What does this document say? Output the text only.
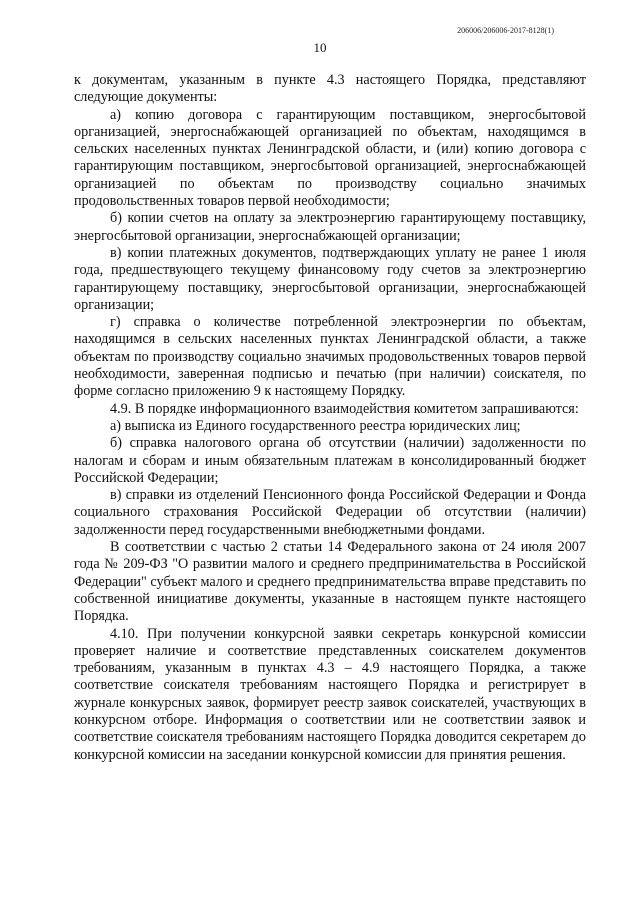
206006/206006-2017-8128(1)
10

к документам, указанным в пункте 4.3 настоящего Порядка, представляют следующие документы:

а) копию договора с гарантирующим поставщиком, энергосбытовой организацией, энергоснабжающей организацией по объектам, находящимся в сельских населенных пунктах Ленинградской области, и (или) копию договора с гарантирующим поставщиком, энергосбытовой организацией, энергоснабжающей организацией по объектам по производству социально значимых продовольственных товаров первой необходимости;

б) копии счетов на оплату за электроэнергию гарантирующему поставщику, энергосбытовой организации, энергоснабжающей организации;

в) копии платежных документов, подтверждающих уплату не ранее 1 июля года, предшествующего текущему финансовому году счетов за электроэнергию гарантирующему поставщику, энергосбытовой организации, энергоснабжающей организации;

г) справка о количестве потребленной электроэнергии по объектам, находящимся в сельских населенных пунктах Ленинградской области, а также объектам по производству социально значимых продовольственных товаров первой необходимости, заверенная подписью и печатью (при наличии) соискателя, по форме согласно приложению 9 к настоящему Порядку.

4.9. В порядке информационного взаимодействия комитетом запрашиваются:

а) выписка из Единого государственного реестра юридических лиц;

б) справка налогового органа об отсутствии (наличии) задолженности по налогам и сборам и иным обязательным платежам в консолидированный бюджет Российской Федерации;

в) справки из отделений Пенсионного фонда Российской Федерации и Фонда социального страхования Российской Федерации об отсутствии (наличии) задолженности перед государственными внебюджетными фондами.

В соответствии с частью 2 статьи 14 Федерального закона от 24 июля 2007 года № 209-ФЗ "О развитии малого и среднего предпринимательства в Российской Федерации" субъект малого и среднего предпринимательства вправе представить по собственной инициативе документы, указанные в настоящем пункте настоящего Порядка.

4.10. При получении конкурсной заявки секретарь конкурсной комиссии проверяет наличие и соответствие представленных соискателем документов требованиям, указанным в пунктах 4.3 – 4.9 настоящего Порядка, а также соответствие соискателя требованиям настоящего Порядка и регистрирует в журнале конкурсных заявок, формирует реестр заявок соискателей, участвующих в конкурсном отборе. Информация о соответствии или не соответствии заявок и соответствие соискателя требованиям настоящего Порядка доводится секретарем до конкурсной комиссии на заседании конкурсной комиссии для принятия решения.
